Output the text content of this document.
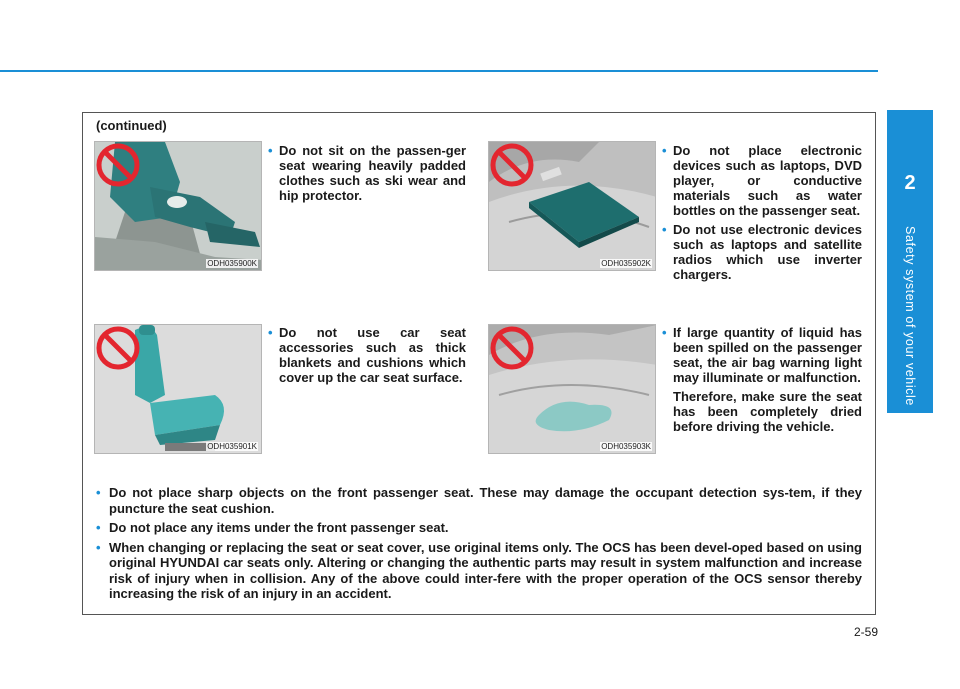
2
Safety system of your vehicle
(continued)
ODH035900K	ODH035902K
ODH035901K	ODH035903K

• Do not sit on the passen-ger seat wearing heavily padded clothes such as ski wear and hip protector.

• Do not place electronic devices such as laptops, DVD player, or conductive materials such as water bottles on the passenger seat.

• Do not use electronic devices such as laptops and satellite radios which use inverter chargers.

• Do not use car seat accessories such as thick blankets and cushions which cover up the car seat surface.

• If large quantity of liquid has been spilled on the passenger seat, the air bag warning light may illuminate or malfunction.

Therefore, make sure the seat has been completely dried before driving the vehicle.

• Do not place sharp objects on the front passenger seat. These may damage the occupant detection sys-tem, if they puncture the seat cushion.

• Do not place any items under the front passenger seat.

• When changing or replacing the seat or seat cover, use original items only. The OCS has been devel-oped based on using original HYUNDAI car seats only. Altering or changing the authentic parts may result in system malfunction and increase risk of injury when in collision. Any of the above could inter-fere with the proper operation of the OCS sensor thereby increasing the risk of an injury in an accident.

2-59
